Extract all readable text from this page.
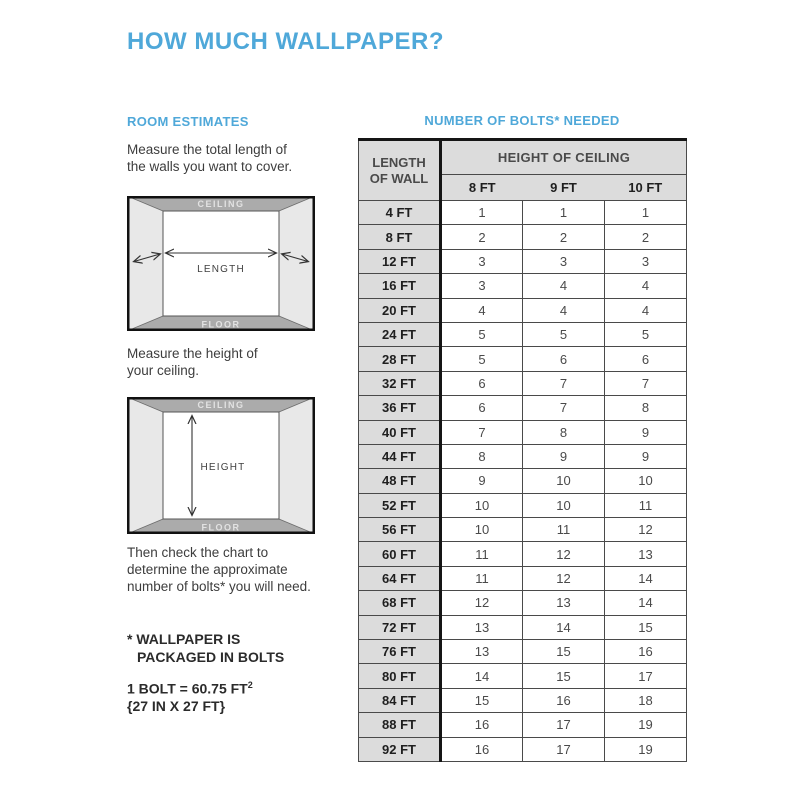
HOW MUCH WALLPAPER?
ROOM ESTIMATES

Measure the total length of
the walls you want to cover.

CEILING
FLOOR
LENGTH

Measure the height of
your ceiling.

CEILING
FLOOR
HEIGHT

Then check the chart to
determine the approximate
number of bolts* you will need.

* WALLPAPER IS
PACKAGED IN BOLTS

1 BOLT = 60.75 $FT^2$
{27 IN X 27 FT}

NUMBER OF BOLTS* NEEDED
LENGTH
OF WALL	HEIGHT OF CEILING		
	8 FT	9 FT	10 FT
4 FT	1	1	1
8 FT	2	2	2
12 FT	3	3	3
16 FT	3	4	4
20 FT	4	4	4
24 FT	5	5	5
28 FT	5	6	6
32 FT	6	7	7
36 FT	6	7	8
40 FT	7	8	9
44 FT	8	9	9
48 FT	9	10	10
52 FT	10	10	11
56 FT	10	11	12
60 FT	11	12	13
64 FT	11	12	14
68 FT	12	13	14
72 FT	13	14	15
76 FT	13	15	16
80 FT	14	15	17
84 FT	15	16	18
88 FT	16	17	19
92 FT	16	17	19
